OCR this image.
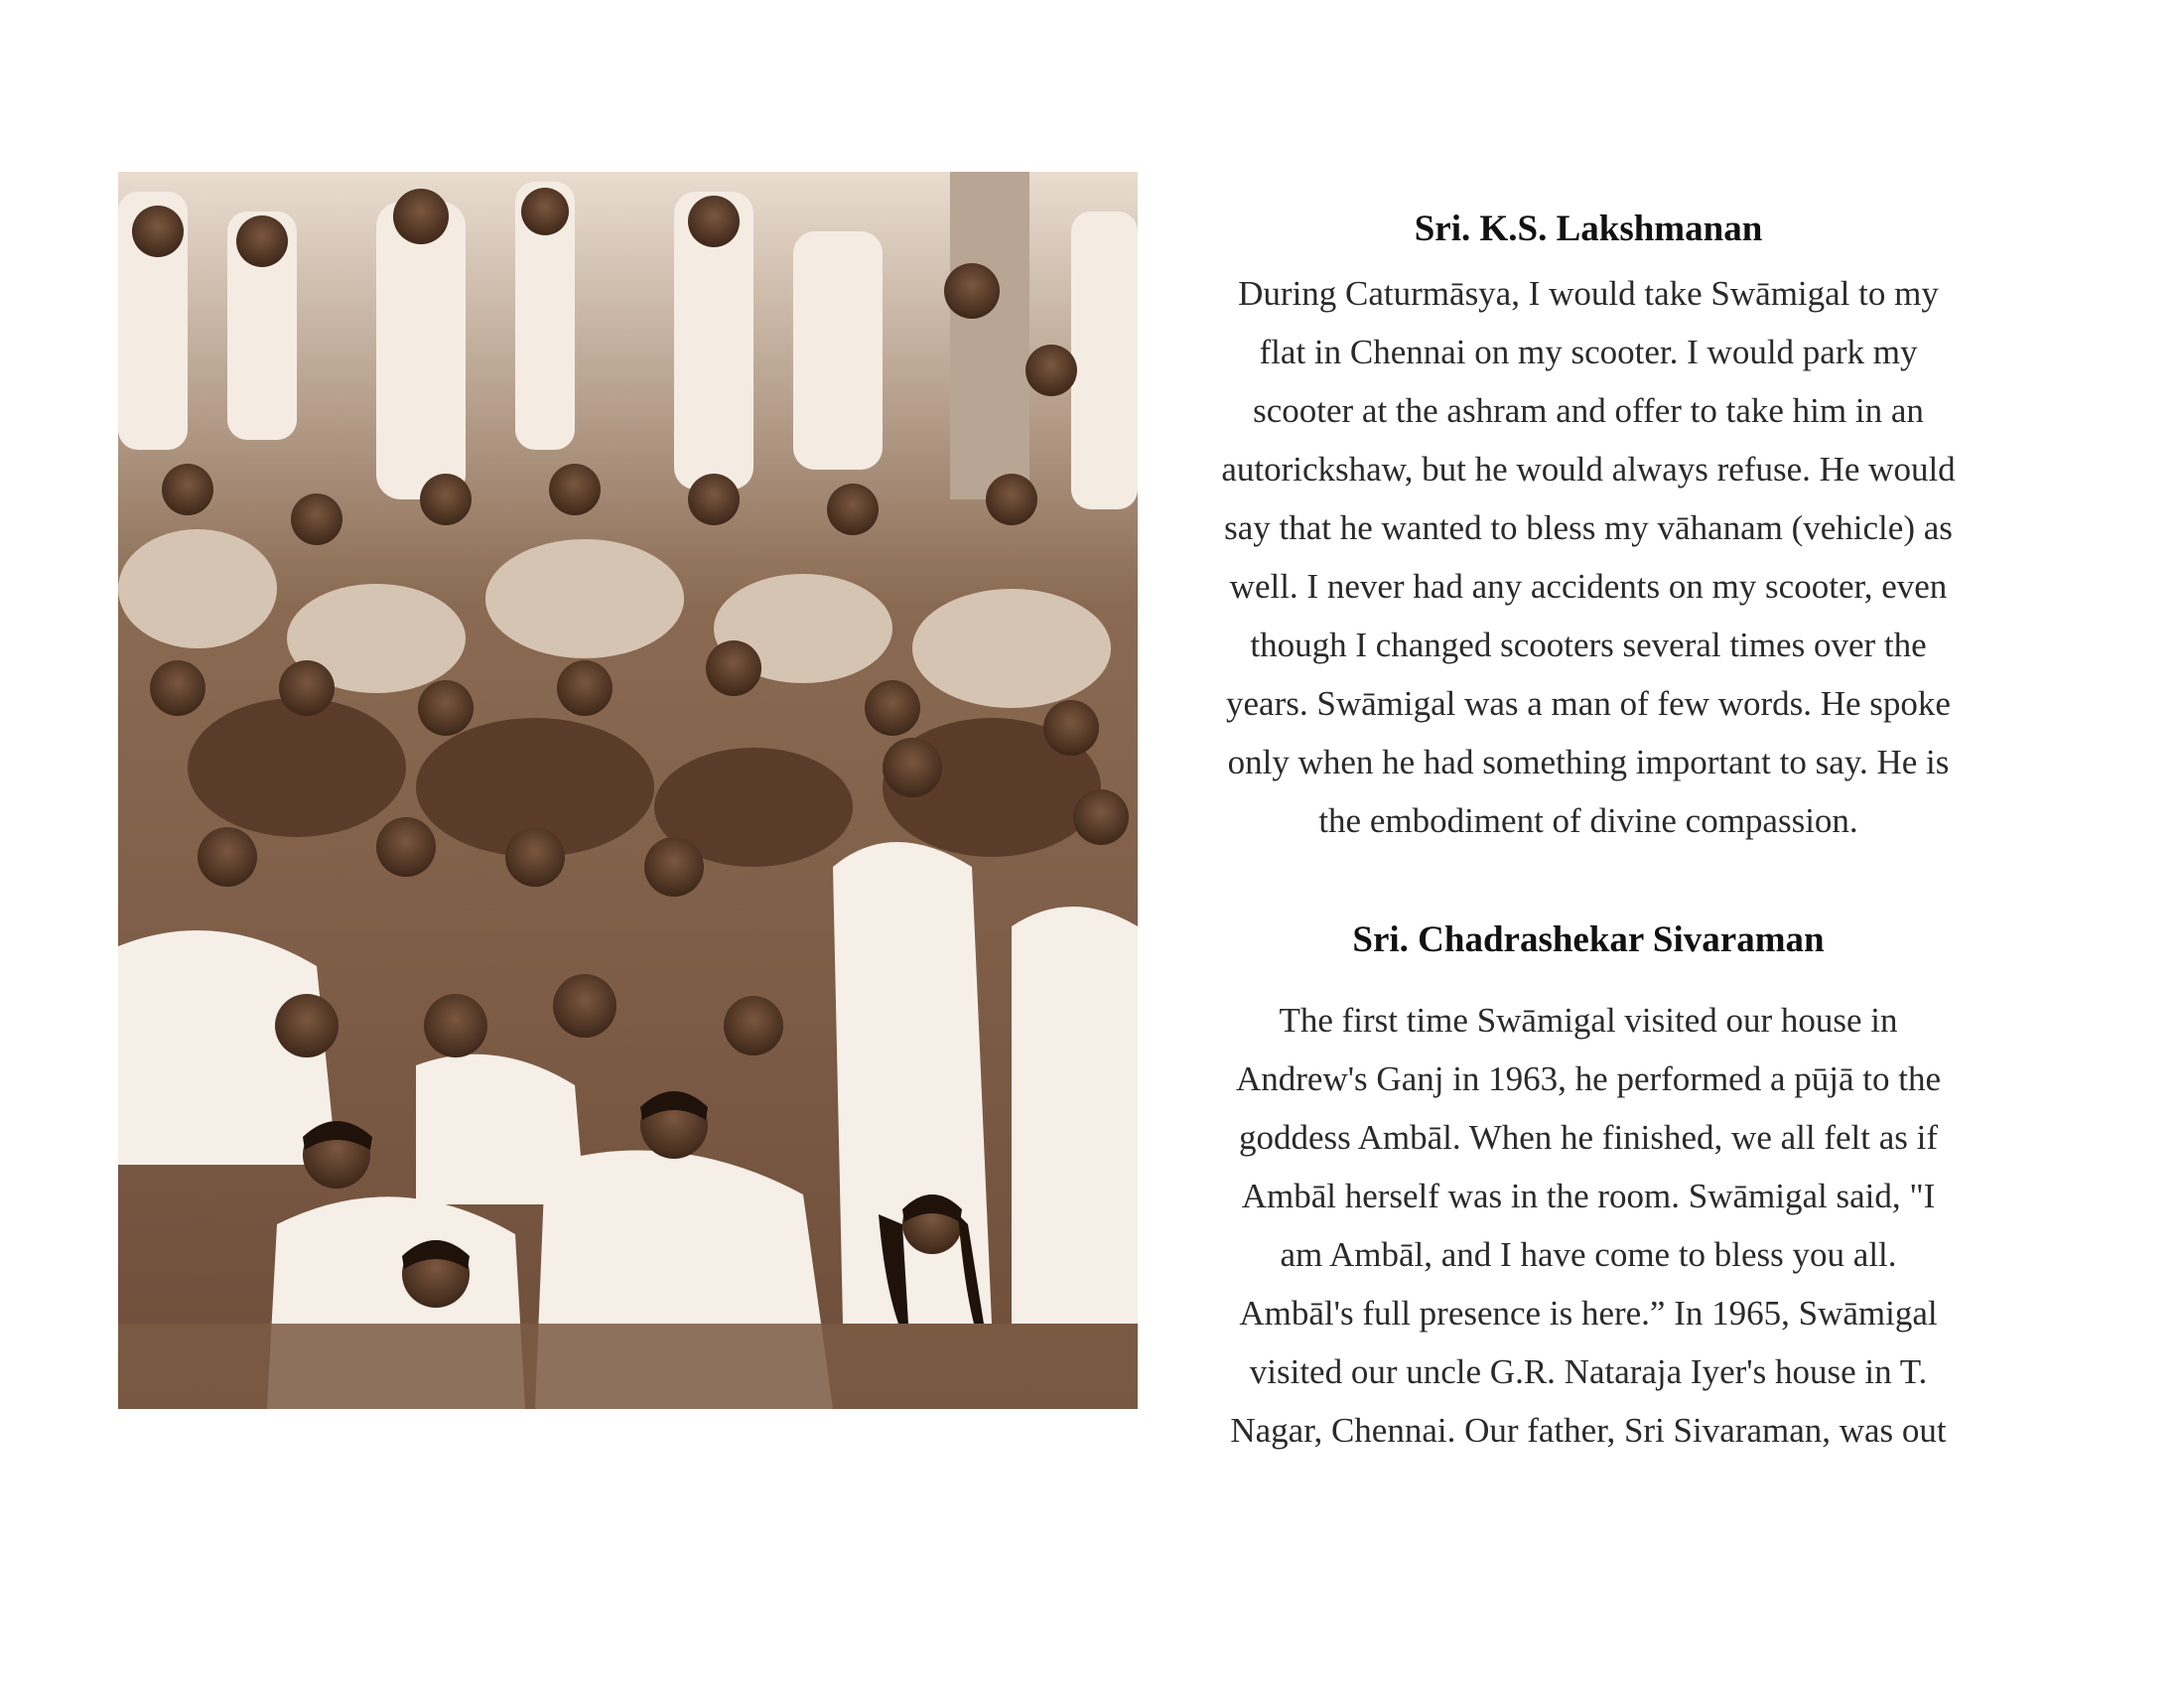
Sri. K.S. Lakshmanan
During Caturmāsya, I would take Swāmigal to my
flat in Chennai on my scooter. I would park my
scooter at the ashram and offer to take him in an
autorickshaw, but he would always refuse. He would
say that he wanted to bless my vāhanam (vehicle) as
well. I never had any accidents on my scooter, even
though I changed scooters several times over the
years. Swāmigal was a man of few words. He spoke
only when he had something important to say. He is
the embodiment of divine compassion.
Sri. Chadrashekar Sivaraman
The first time Swāmigal visited our house in
Andrew's Ganj in 1963, he performed a pūjā to the
goddess Ambāl. When he finished, we all felt as if
Ambāl herself was in the room. Swāmigal said, "I
am Ambāl, and I have come to bless you all.
Ambāl's full presence is here.” In 1965, Swāmigal
visited our uncle G.R. Nataraja Iyer's house in T.
Nagar, Chennai. Our father, Sri Sivaraman, was out
